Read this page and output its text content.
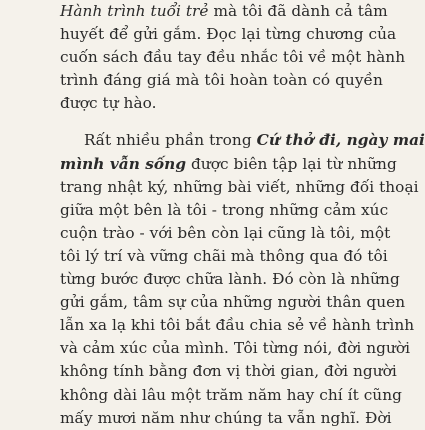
Hành trình tuổi trẻ mà tôi đã dành cả tâm
huyết để gửi gắm. Đọc lại từng chương của
cuốn sách đầu tay đều nhắc tôi về một hành
trình đáng giá mà tôi hoàn toàn có quyền
được tự hào.
Rất nhiều phần trong Cứ thở đi, ngày mai
mình vẫn sống được biên tập lại từ những
trang nhật ký, những bài viết, những đối thoại
giữa một bên là tôi - trong những cảm xúc
cuộn trào - với bên còn lại cũng là tôi, một
tôi lý trí và vững chãi mà thông qua đó tôi
từng bước được chữa lành. Đó còn là những
gửi gắm, tâm sự của những người thân quen
lẫn xa lạ khi tôi bắt đầu chia sẻ về hành trình
và cảm xúc của mình. Tôi từng nói, đời người
không tính bằng đơn vị thời gian, đời người
không dài lâu một trăm năm hay chí ít cũng
mấy mươi năm như chúng ta vẫn nghĩ. Đời
